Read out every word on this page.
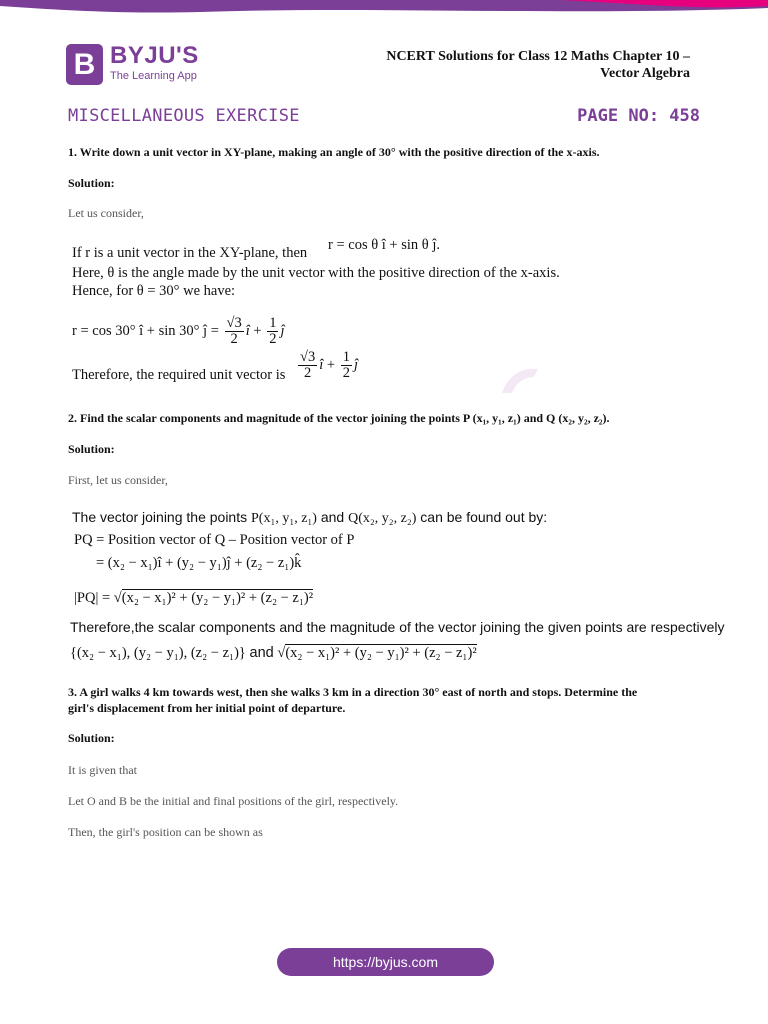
B BYJU'S
The Learning App
NCERT Solutions for Class 12 Maths Chapter 10 –
Vector Algebra
MISCELLANEOUS EXERCISE	PAGE NO: 458
1. Write down a unit vector in XY-plane, making an angle of 30° with the positive direction of the x-axis.
Solution:
Let us consider,
If r is a unit vector in the XY-plane, then r = cos θ î + sin θ ĵ.
Here, θ is the angle made by the unit vector with the positive direction of the x-axis.
Hence, for θ = 30° we have:
r = cos 30° î + sin 30° ĵ = $\frac{√3}{2}$ î + $\frac{1}{2}$ ĵ
Therefore, the required unit vector is $\frac{√3}{2}$ î + $\frac{1}{2}$ ĵ
2. Find the scalar components and magnitude of the vector joining the points P (x₁, y₁, z₁) and Q (x₂, y₂, z₂).
Solution:
First, let us consider,
The vector joining the points P(x₁, y₁, z₁) and Q(x₂, y₂, z₂) can be found out by:
PQ = Position vector of Q – Position vector of P
= (x₂ − x₁)î + (y₂ − y₁)ĵ + (z₂ − z₁)k̂
|PQ| = √(x₂ − x₁)² + (y₂ − y₁)² + (z₂ − z₁)²
Therefore,the scalar components and the magnitude of the vector joining the given points are respectively
{(x₂ − x₁), (y₂ − y₁), (z₂ − z₁)} and √(x₂ − x₁)² + (y₂ − y₁)² + (z₂ − z₁)²
3. A girl walks 4 km towards west, then she walks 3 km in a direction 30° east of north and stops. Determine the
girl's displacement from her initial point of departure.
Solution:
It is given that
Let O and B be the initial and final positions of the girl, respectively.
Then, the girl's position can be shown as
https://byjus.com
